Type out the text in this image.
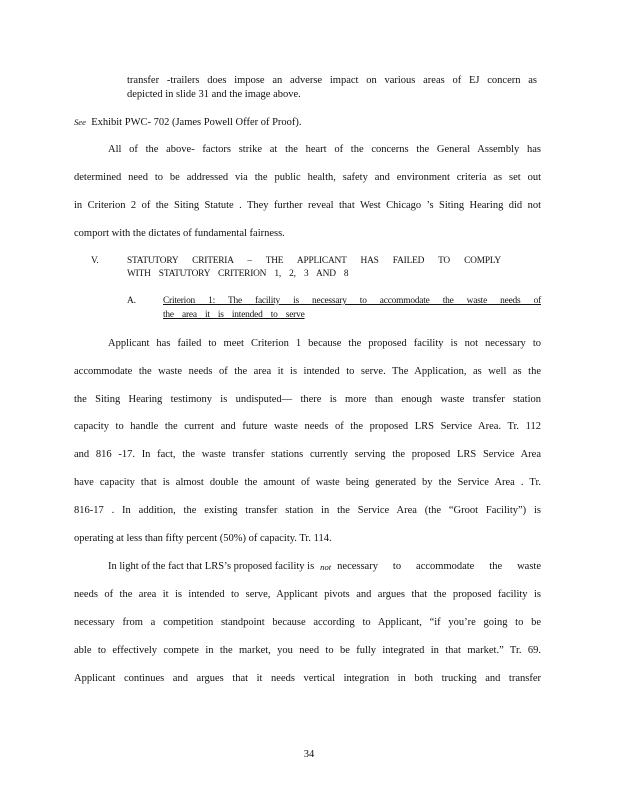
transfer -trailers does impose an adverse impact on various areas of EJ concern as
depicted in slide 31 and the image above.
See Exhibit PWC- 702 (James Powell Offer of Proof).
All of the above- factors strike at the heart of the concerns the General Assembly has
determined need to be addressed via the public health, safety and environment criteria as set out
in Criterion 2 of the Siting Statute . They further reveal that West Chicago ’s Siting Hearing did not
comport with the dictates of fundamental fairness.
V.	STATUTORY CRITERIA – THE APPLICANT HAS FAILED TO COMPLY
WITH STATUTORY CRITERION 1, 2, 3 AND 8
A.	Criterion 1: The facility is necessary to accommodate the waste needs of
the area it is intended to serve
Applicant has failed to meet Criterion 1 because the proposed facility is not necessary to
accommodate the waste needs of the area it is intended to serve. The Application, as well as the
the Siting Hearing testimony is undisputed— there is more than enough waste transfer station
capacity to handle the current and future waste needs of the proposed LRS Service Area. Tr. 112
and 816 -17. In fact, the waste transfer stations currently serving the proposed LRS Service Area
have capacity that is almost double the amount of waste being generated by the Service Area . Tr.
816-17 . In addition, the existing transfer station in the Service Area (the “Groot Facility”) is
operating at less than fifty percent (50%) of capacity. Tr. 114.
In light of the fact that LRS’s proposed facility is not necessary to accommodate the waste
needs of the area it is intended to serve, Applicant pivots and argues that the proposed facility is
necessary from a competition standpoint because according to Applicant, “if you’re going to be
able to effectively compete in the market, you need to be fully integrated in that market.” Tr. 69.
Applicant continues and argues that it needs vertical integration in both trucking and transfer
34
